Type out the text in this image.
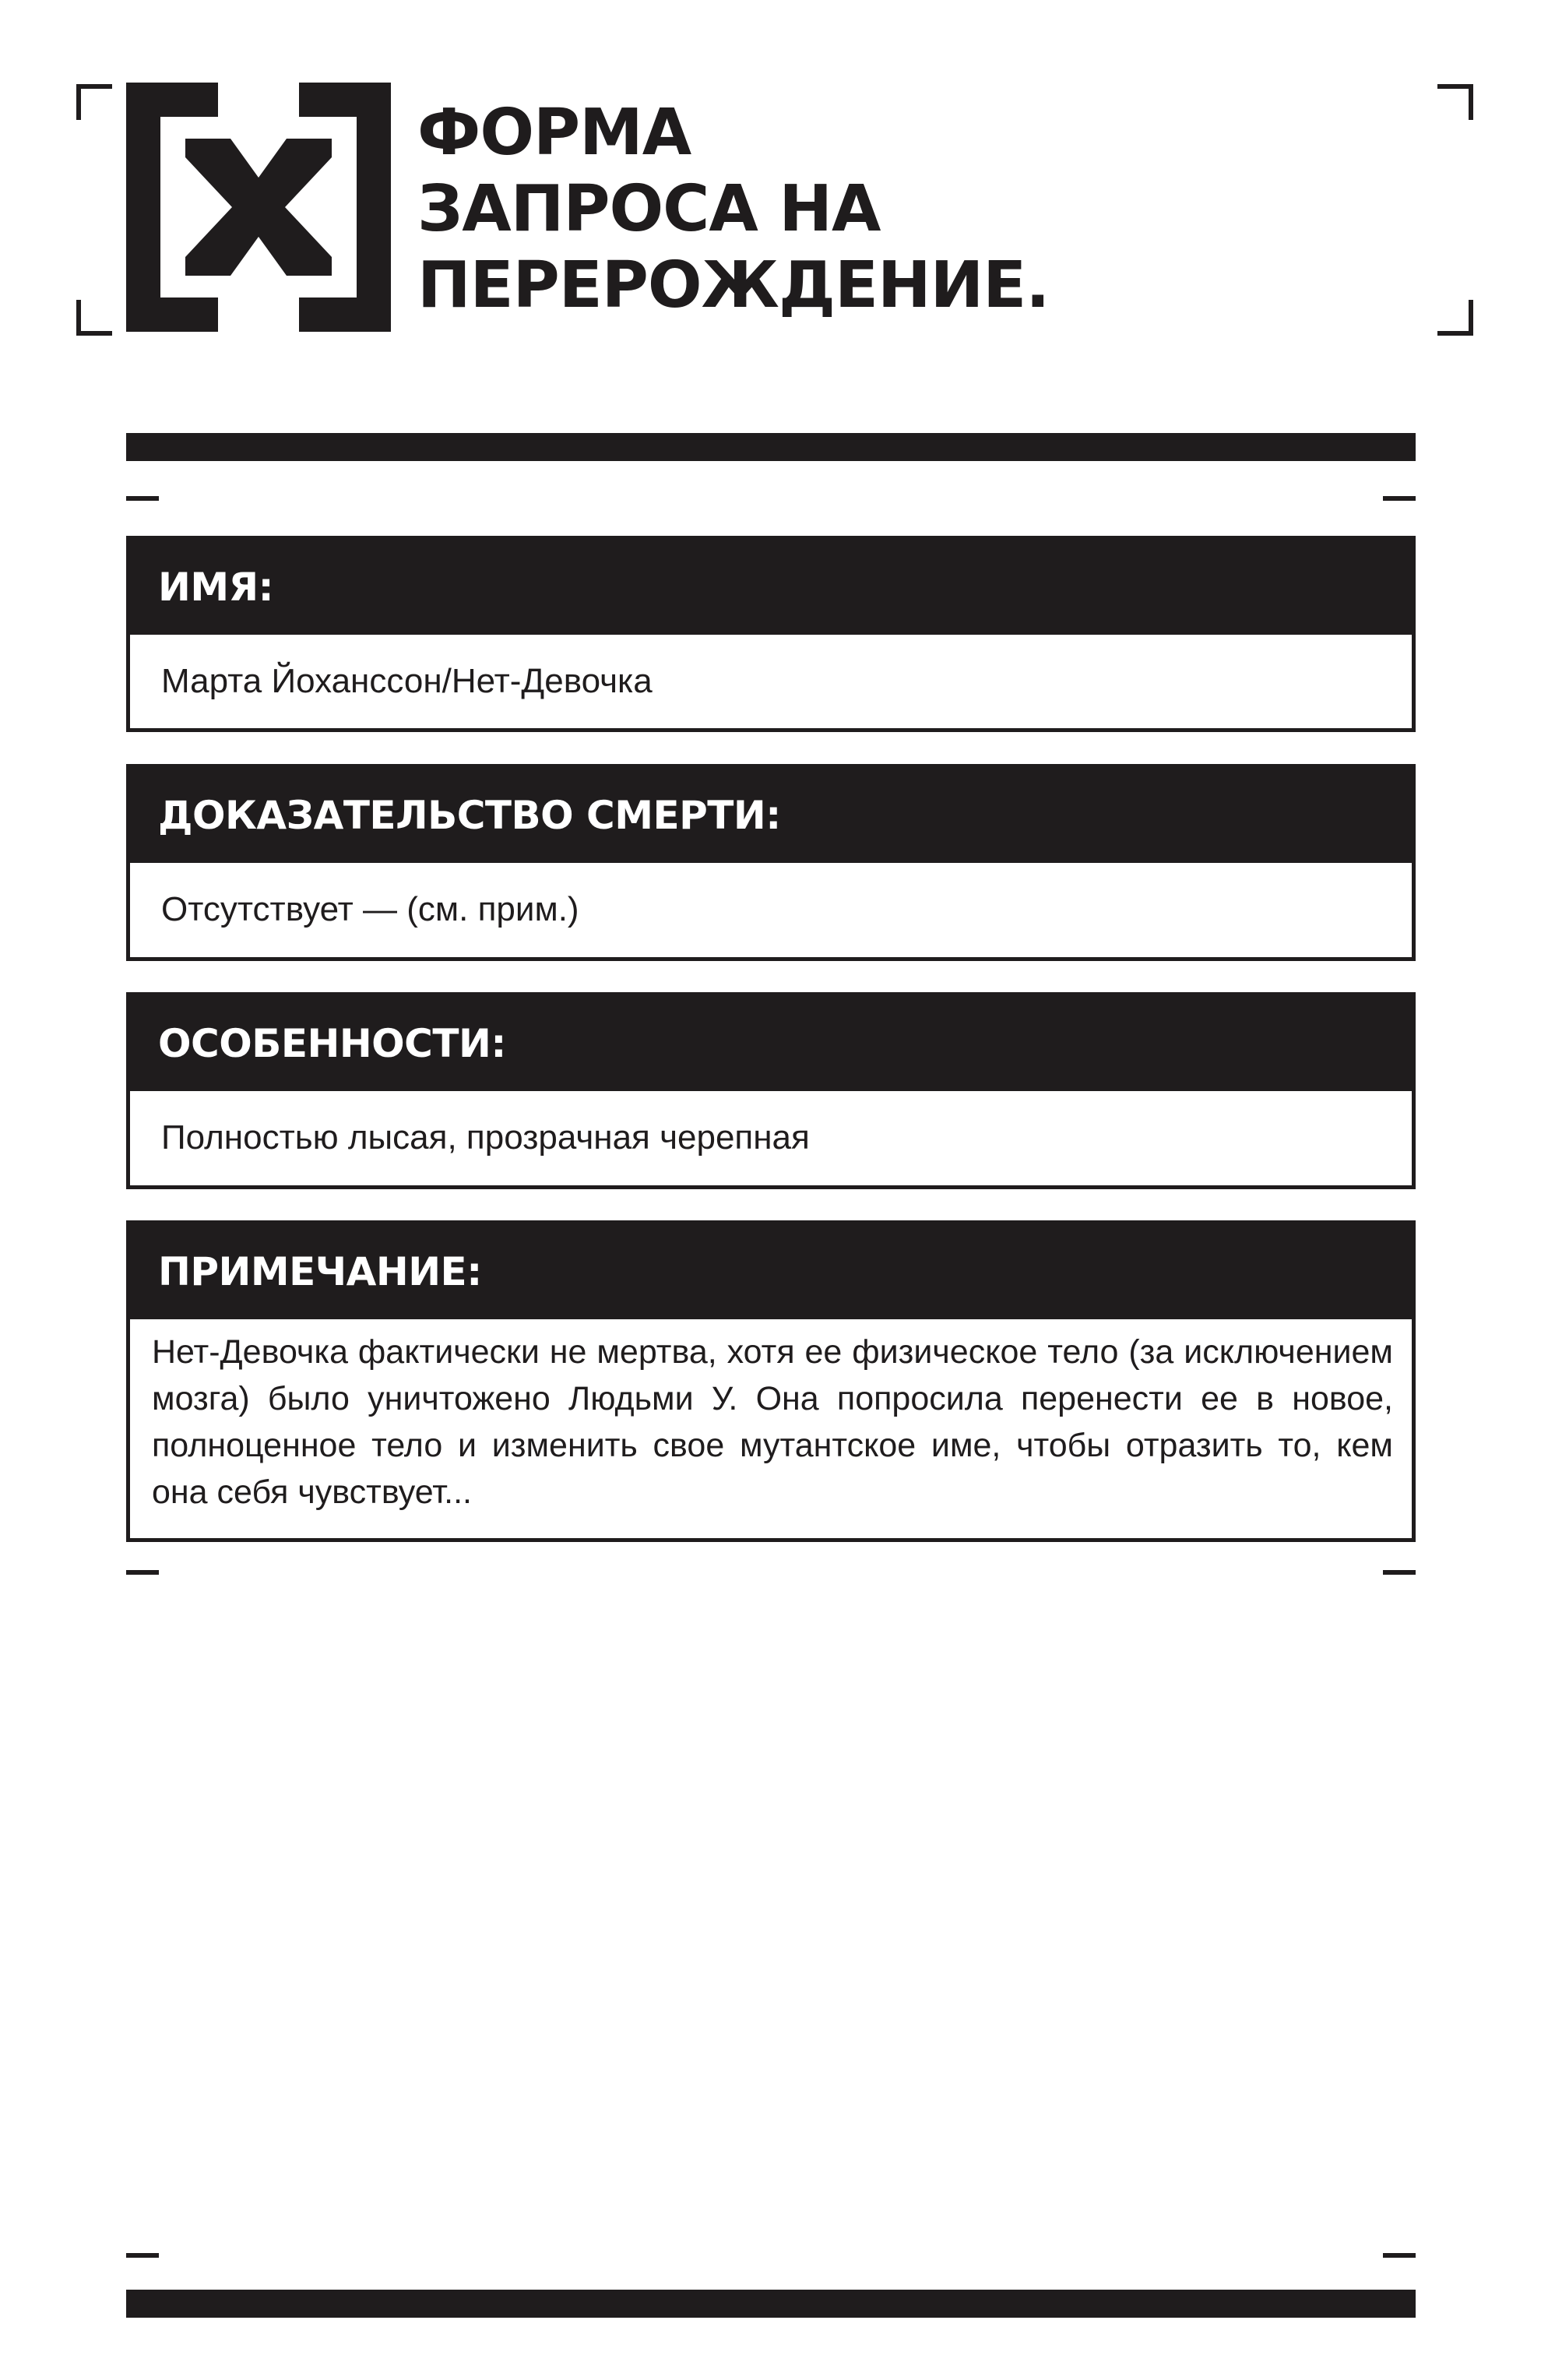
ФОРМА
ЗАПРОСА НА
ПЕРЕРОЖДЕНИЕ.
ИМЯ:
Марта Йоханссон/Нет-Девочка
ДОКАЗАТЕЛЬСТВО СМЕРТИ:
Отсутствует — (см. прим.)
ОСОБЕННОСТИ:
Полностью лысая, прозрачная черепная
ПРИМЕЧАНИЕ:
Нет-Девочка фактически не мертва, хотя ее физическое тело (за исключением мозга) было уничтожено Людьми У. Она попросила перенести ее в новое, полноценное тело и изменить свое мутантское име, чтобы отразить то, кем она себя чувствует...
